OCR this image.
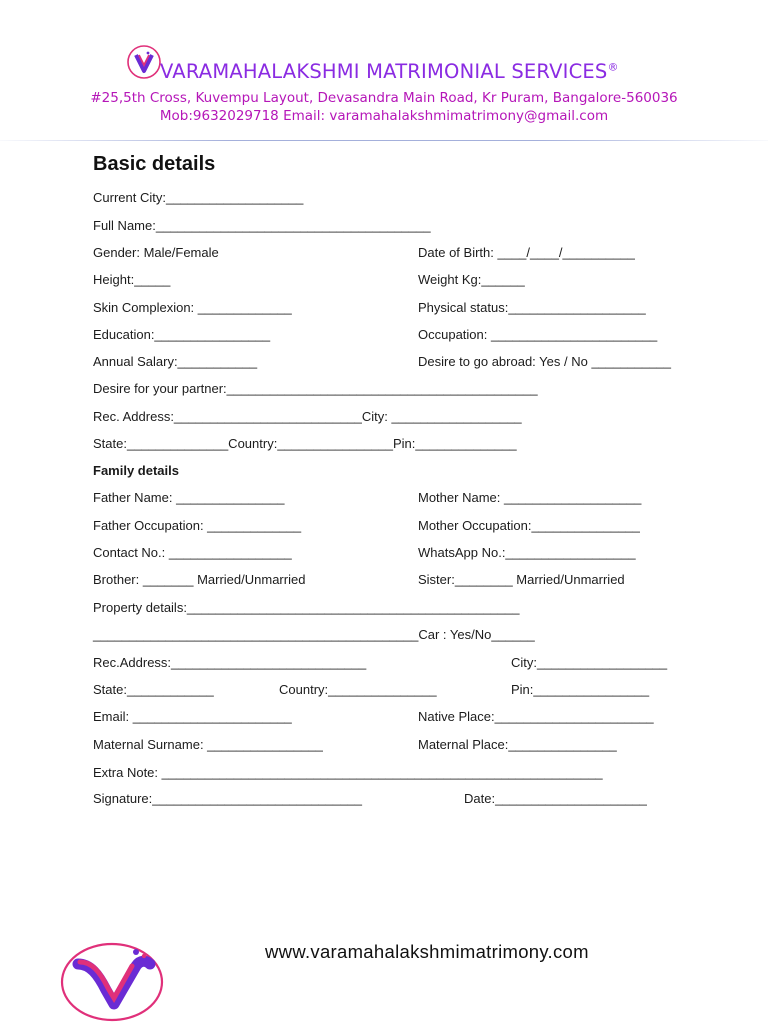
VARAMAHALAKSHMI MATRIMONIAL SERVICES®
#25,5th Cross, Kuvempu Layout, Devasandra Main Road, Kr Puram, Bangalore-560036
Mob:9632029718 Email: varamahalakshmimatrimony@gmail.com
Basic details
Current City:___________________
Full Name:______________________________________
Gender: Male/Female	Date of Birth: ____/____/__________
Height:_____	Weight Kg:______
Skin Complexion: _____________	Physical status:___________________
Education:________________	Occupation: _______________________
Annual Salary:___________	Desire to go abroad: Yes / No ___________
Desire for your partner:___________________________________________
Rec. Address:__________________________City: __________________
State:______________Country:________________Pin:______________
Family details
Father Name: _______________	Mother Name: ___________________
Father Occupation: _____________	Mother Occupation:_______________
Contact No.: _________________	WhatsApp No.:__________________
Brother: _______ Married/Unmarried	Sister:________ Married/Unmarried
Property details:______________________________________________
_____________________________________________Car : Yes/No______
Rec.Address:___________________________	City:__________________
State:____________	Country:_______________	Pin:________________
Email: ______________________	Native Place:______________________
Maternal Surname: ________________	Maternal Place:_______________
Extra Note: _____________________________________________________________
Signature:_____________________________	Date:_____________________
www.varamahalakshmimatrimony.com
